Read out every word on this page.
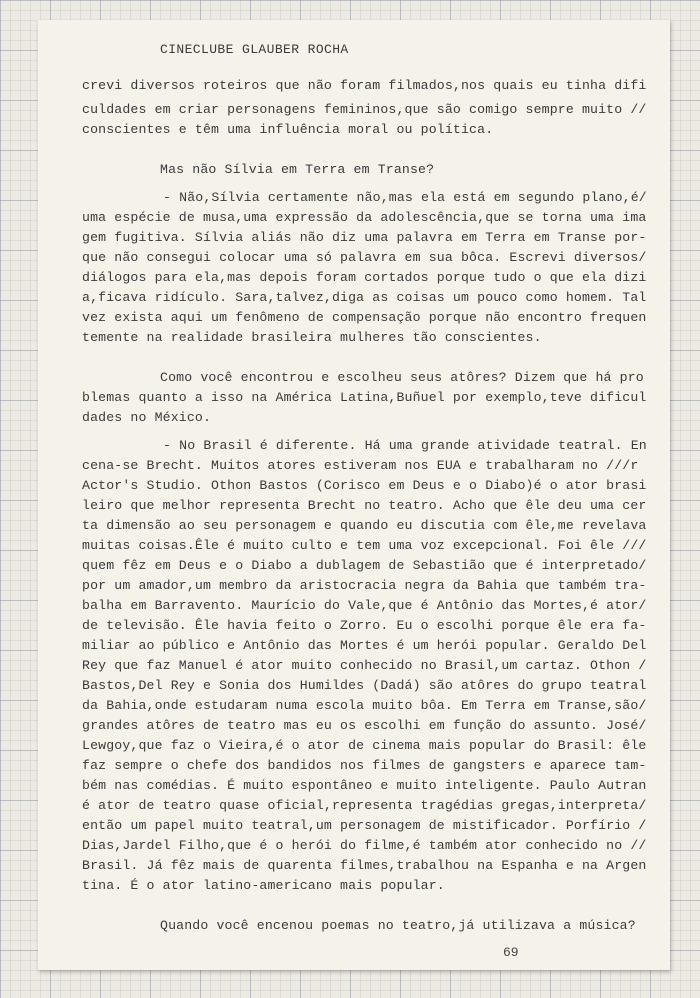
CINECLUBE GLAUBER ROCHA
crevi diversos roteiros que não foram filmados,nos quais eu tinha difi
culdades em criar personagens femininos,que são comigo sempre muito //
conscientes e têm uma influência moral ou política.
Mas não Sílvia em Terra em Transe?
- Não,Sílvia certamente não,mas ela está em segundo plano,é/
uma espécie de musa,uma expressão da adolescência,que se torna uma ima
gem fugitiva. Sílvia aliás não diz uma palavra em Terra em Transe por-
que não consegui colocar uma só palavra em sua bôca. Escrevi diversos/
diálogos para ela,mas depois foram cortados porque tudo o que ela dizi
a,ficava ridículo. Sara,talvez,diga as coisas um pouco como homem. Tal
vez exista aqui um fenômeno de compensação porque não encontro frequen
temente na realidade brasileira mulheres tão conscientes.
Como você encontrou e escolheu seus atôres? Dizem que há pro
blemas quanto a isso na América Latina,Buñuel por exemplo,teve dificul
dades no México.
- No Brasil é diferente. Há uma grande atividade teatral. En
cena-se Brecht. Muitos atores estiveram nos EUA e trabalharam no ///r
Actor's Studio. Othon Bastos (Corisco em Deus e o Diabo)é o ator brasi
leiro que melhor representa Brecht no teatro. Acho que êle deu uma cer
ta dimensão ao seu personagem e quando eu discutia com êle,me revelava
muitas coisas.Êle é muito culto e tem uma voz excepcional. Foi êle ///
quem fêz em Deus e o Diabo a dublagem de Sebastião que é interpretado/
por um amador,um membro da aristocracia negra da Bahia que também tra-
balha em Barravento. Maurício do Vale,que é Antônio das Mortes,é ator/
de televisão. Êle havia feito o Zorro. Eu o escolhi porque êle era fa-
miliar ao público e Antônio das Mortes é um herói popular. Geraldo Del
Rey que faz Manuel é ator muito conhecido no Brasil,um cartaz. Othon /
Bastos,Del Rey e Sonia dos Humildes (Dadá) são atôres do grupo teatral
da Bahia,onde estudaram numa escola muito bôa. Em Terra em Transe,são/
grandes atôres de teatro mas eu os escolhi em função do assunto. José/
Lewgoy,que faz o Vieira,é o ator de cinema mais popular do Brasil: êle
faz sempre o chefe dos bandidos nos filmes de gangsters e aparece tam-
bém nas comédias. É muito espontâneo e muito inteligente. Paulo Autran
é ator de teatro quase oficial,representa tragédias gregas,interpreta/
então um papel muito teatral,um personagem de mistificador. Porfírio /
Dias,Jardel Filho,que é o herói do filme,é também ator conhecido no //
Brasil. Já fêz mais de quarenta filmes,trabalhou na Espanha e na Argen
tina. É o ator latino-americano mais popular.
Quando você encenou poemas no teatro,já utilizava a música?
69
